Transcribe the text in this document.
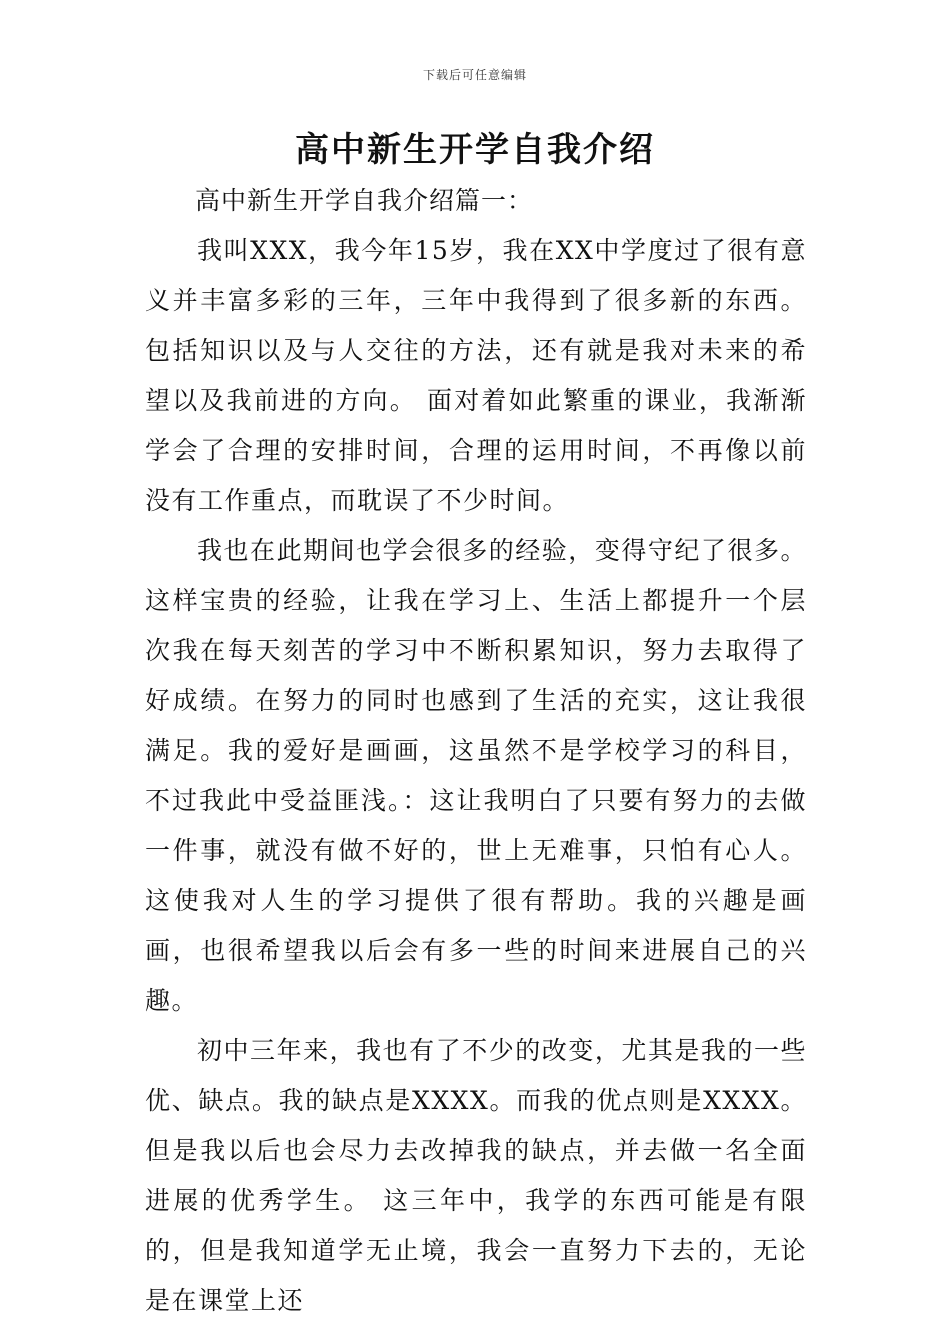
下载后可任意编辑
高中新生开学自我介绍

高中新生开学自我介绍篇一：

我叫XXX，我今年15岁，我在XX中学度过了很有意义并丰富多彩的三年，三年中我得到了很多新的东西。包括知识以及与人交往的方法，还有就是我对未来的希望以及我前进的方向。 面对着如此繁重的课业，我渐渐学会了合理的安排时间，合理的运用时间，不再像以前没有工作重点，而耽误了不少时间。

我也在此期间也学会很多的经验，变得守纪了很多。这样宝贵的经验，让我在学习上、生活上都提升一个层次我在每天刻苦的学习中不断积累知识，努力去取得了好成绩。在努力的同时也感到了生活的充实，这让我很满足。我的爱好是画画，这虽然不是学校学习的科目，不过我此中受益匪浅。：这让我明白了只要有努力的去做一件事，就没有做不好的，世上无难事，只怕有心人。这使我对人生的学习提供了很有帮助。我的兴趣是画画，也很希望我以后会有多一些的时间来进展自己的兴趣。

初中三年来，我也有了不少的改变，尤其是我的一些优、缺点。我的缺点是XXXX。而我的优点则是XXXX。但是我以后也会尽力去改掉我的缺点，并去做一名全面进展的优秀学生。 这三年中，我学的东西可能是有限的，但是我知道学无止境，我会一直努力下去的，无论是在课堂上还
